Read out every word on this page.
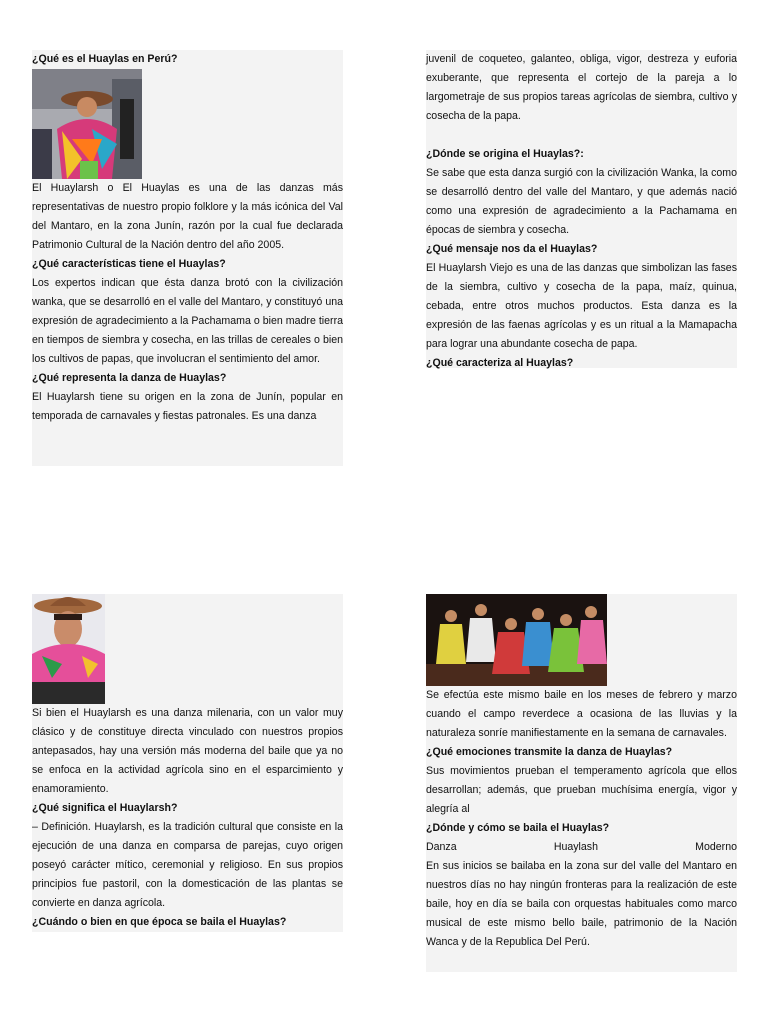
¿Qué es el Huaylas en Perú?

El Huaylarsh o El Huaylas es una de las danzas más representativas de nuestro propio folklore y la más icónica del Val del Mantaro, en la zona Junín, razón por la cual fue declarada Patrimonio Cultural de la Nación dentro del año 2005.

¿Qué características tiene el Huaylas?

Los expertos indican que ésta danza brotó con la civilización wanka, que se desarrolló en el valle del Mantaro, y constituyó una expresión de agradecimiento a la Pachamama o bien madre tierra en tiempos de siembra y cosecha, en las trillas de cereales o bien los cultivos de papas, que involucran el sentimiento del amor.

¿Qué representa la danza de Huaylas?

El Huaylarsh tiene su origen en la zona de Junín, popular en temporada de carnavales y fiestas patronales. Es una danza

juvenil de coqueteo, galanteo, obliga, vigor, destreza y euforia exuberante, que representa el cortejo de la pareja a lo largometraje de sus propios tareas agrícolas de siembra, cultivo y cosecha de la papa.

¿Dónde se origina el Huaylas?:

Se sabe que esta danza surgió con la civilización Wanka, la como se desarrolló dentro del valle del Mantaro, y que además nació como una expresión de agradecimiento a la Pachamama en épocas de siembra y cosecha.

¿Qué mensaje nos da el Huaylas?

El Huaylarsh Viejo es una de las danzas que simbolizan las fases de la siembra, cultivo y cosecha de la papa, maíz, quinua, cebada, entre otros muchos productos. Esta danza es la expresión de las faenas agrícolas y es un ritual a la Mamapacha para lograr una abundante cosecha de papa.

¿Qué caracteriza al Huaylas?

Si bien el Huaylarsh es una danza milenaria, con un valor muy clásico y de constituye directa vinculado con nuestros propios antepasados, hay una versión más moderna del baile que ya no se enfoca en la actividad agrícola sino en el esparcimiento y enamoramiento.

¿Qué significa el Huaylarsh?

– Definición. Huaylarsh, es la tradición cultural que consiste en la ejecución de una danza en comparsa de parejas, cuyo origen poseyó carácter mítico, ceremonial y religioso. En sus propios principios fue pastoril, con la domesticación de las plantas se convierte en danza agrícola.

¿Cuándo o bien en que época se baila el Huaylas?

Se efectúa este mismo baile en los meses de febrero y marzo cuando el campo reverdece a ocasiona de las lluvias y la naturaleza sonríe manifiestamente en la semana de carnavales.

¿Qué emociones transmite la danza de Huaylas?

Sus movimientos prueban el temperamento agrícola que ellos desarrollan; además, que prueban muchísima energía, vigor y alegría al

¿Dónde y cómo se baila el Huaylas?
Danza	Huaylash	Moderno

En sus inicios se bailaba en la zona sur del valle del Mantaro en nuestros días no hay ningún fronteras para la realización de este baile, hoy en día se baila con orquestas habituales como marco musical de este mismo bello baile, patrimonio de la Nación Wanca y de la Republica Del Perú.
